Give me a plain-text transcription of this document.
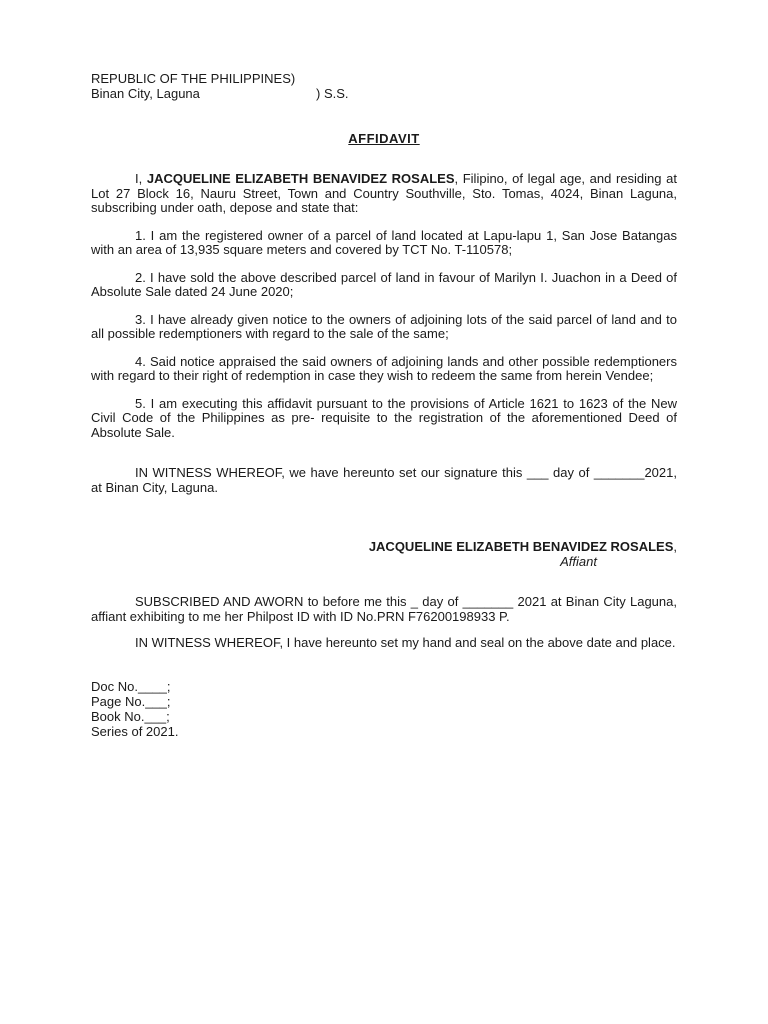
REPUBLIC OF THE PHILIPPINES)
Binan City, Laguna	) S.S.
AFFIDAVIT

I, JACQUELINE ELIZABETH BENAVIDEZ ROSALES, Filipino, of legal age, and residing at Lot 27 Block 16, Nauru Street, Town and Country Southville, Sto. Tomas, 4024, Binan Laguna, subscribing under oath, depose and state that:

1. I am the registered owner of a parcel of land located at Lapu-lapu 1, San Jose Batangas with an area of 13,935 square meters and covered by TCT No. T-110578;

2. I have sold the above described parcel of land in favour of Marilyn I. Juachon in a Deed of Absolute Sale dated 24 June 2020;

3. I have already given notice to the owners of adjoining lots of the said parcel of land and to all possible redemptioners with regard to the sale of the same;

4. Said notice appraised the said owners of adjoining lands and other possible redemptioners with regard to their right of redemption in case they wish to redeem the same from herein Vendee;

5. I am executing this affidavit pursuant to the provisions of Article 1621 to 1623 of the New Civil Code of the Philippines as pre- requisite to the registration of the aforementioned Deed of Absolute Sale.

IN WITNESS WHEREOF, we have hereunto set our signature this ___ day of _______2021, at Binan City, Laguna.

JACQUELINE ELIZABETH BENAVIDEZ ROSALES,
Affiant

SUBSCRIBED AND AWORN to before me this _ day of _______ 2021 at Binan City Laguna, affiant exhibiting to me her Philpost ID with ID No.PRN F76200198933 P.

IN WITNESS WHEREOF, I have hereunto set my hand and seal on the above date and place.

Doc No.____;
Page No.___;
Book No.___;
Series of 2021.
